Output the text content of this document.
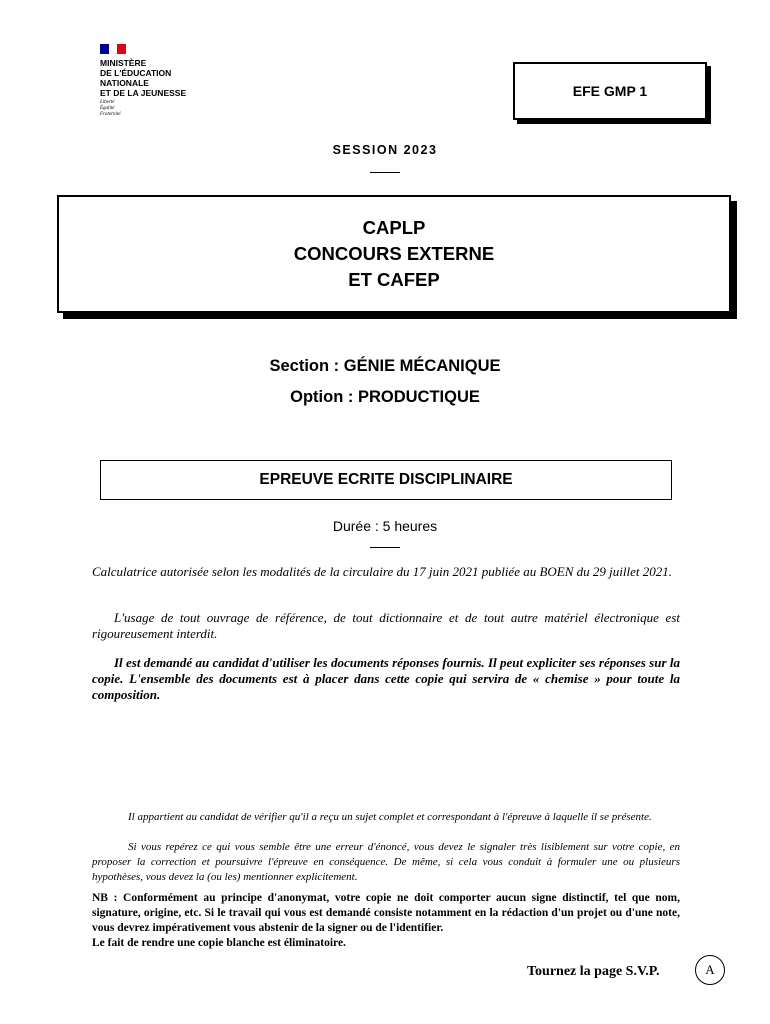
MINISTÈRE
DE L'ÉDUCATION
NATIONALE
ET DE LA JEUNESSE
Liberté
Égalité
Fraternité
EFE GMP 1
SESSION 2023
CAPLP
CONCOURS EXTERNE
ET CAFEP
Section : GÉNIE MÉCANIQUE
Option : PRODUCTIQUE
EPREUVE ECRITE DISCIPLINAIRE
Durée : 5 heures
Calculatrice autorisée selon les modalités de la circulaire du 17 juin 2021 publiée au BOEN du 29 juillet 2021.
L'usage de tout ouvrage de référence, de tout dictionnaire et de tout autre matériel électronique est rigoureusement interdit.
Il est demandé au candidat d'utiliser les documents réponses fournis. Il peut expliciter ses réponses sur la copie. L'ensemble des documents est à placer dans cette copie qui servira de « chemise » pour toute la composition.
Il appartient au candidat de vérifier qu'il a reçu un sujet complet et correspondant à l'épreuve à laquelle il se présente.
Si vous repérez ce qui vous semble être une erreur d'énoncé, vous devez le signaler très lisiblement sur votre copie, en proposer la correction et poursuivre l'épreuve en conséquence. De même, si cela vous conduit à formuler une ou plusieurs hypothèses, vous devez la (ou les) mentionner explicitement.
NB : Conformément au principe d'anonymat, votre copie ne doit comporter aucun signe distinctif, tel que nom, signature, origine, etc. Si le travail qui vous est demandé consiste notamment en la rédaction d'un projet ou d'une note, vous devrez impérativement vous abstenir de la signer ou de l'identifier.
Le fait de rendre une copie blanche est éliminatoire.
Tournez la page S.V.P.	A
